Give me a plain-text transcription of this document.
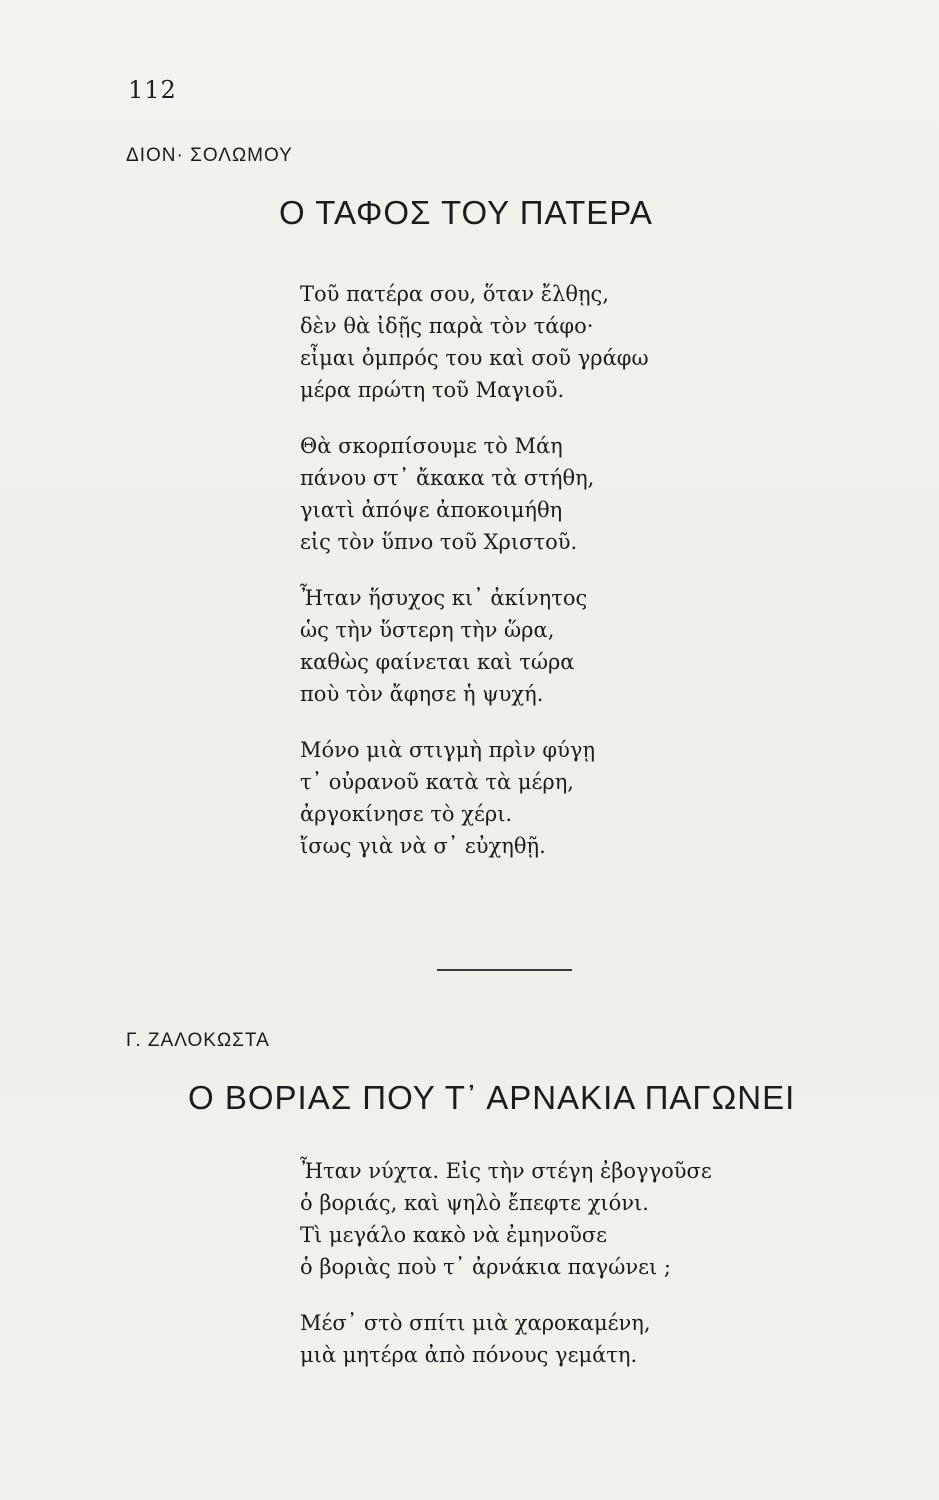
112
ΔΙΟΝ· ΣΟΛΩΜΟΥ
Ο ΤΑΦΟΣ ΤΟΥ ΠΑΤΕΡΑ
Τοῦ πατέρα σου, ὅταν ἔλθῃς,
δὲν θὰ ἰδῇς παρὰ τὸν τάφο·
εἶμαι ὀμπρός του καὶ σοῦ γράφω
μέρα πρώτη τοῦ Μαγιοῦ.
Θὰ σκορπίσουμε τὸ Μάη
πάνου στ᾿ ἄκακα τὰ στήθη,
γιατὶ ἀπόψε ἀποκοιμήθη
εἰς τὸν ὕπνο τοῦ Χριστοῦ.
Ἦταν ἥσυχος κι᾿ ἀκίνητος
ὡς τὴν ὕστερη τὴν ὥρα,
καθὼς φαίνεται καὶ τώρα
ποὺ τὸν ἄφησε ἡ ψυχή.
Μόνο μιὰ στιγμὴ πρὶν φύγῃ
τ᾿ οὐρανοῦ κατὰ τὰ μέρη,
ἀργοκίνησε τὸ χέρι.
ἴσως γιὰ νὰ σ᾿ εὐχηθῇ.
Γ. ΖΑΛΟΚΩΣΤΑ
Ο ΒΟΡΙΑΣ ΠΟΥ Τ᾿ ΑΡΝΑΚΙΑ ΠΑΓΩΝΕΙ
Ἦταν νύχτα. Εἰς τὴν στέγη ἐβογγοῦσε
ὁ βοριάς, καὶ ψηλὸ ἔπεφτε χιόνι.
Τὶ μεγάλο κακὸ νὰ ἐμηνοῦσε
ὁ βοριὰς ποὺ τ᾿ ἀρνάκια παγώνει ;
Μέσ᾿ στὸ σπίτι μιὰ χαροκαμένη,
μιὰ μητέρα ἀπὸ πόνους γεμάτη.
